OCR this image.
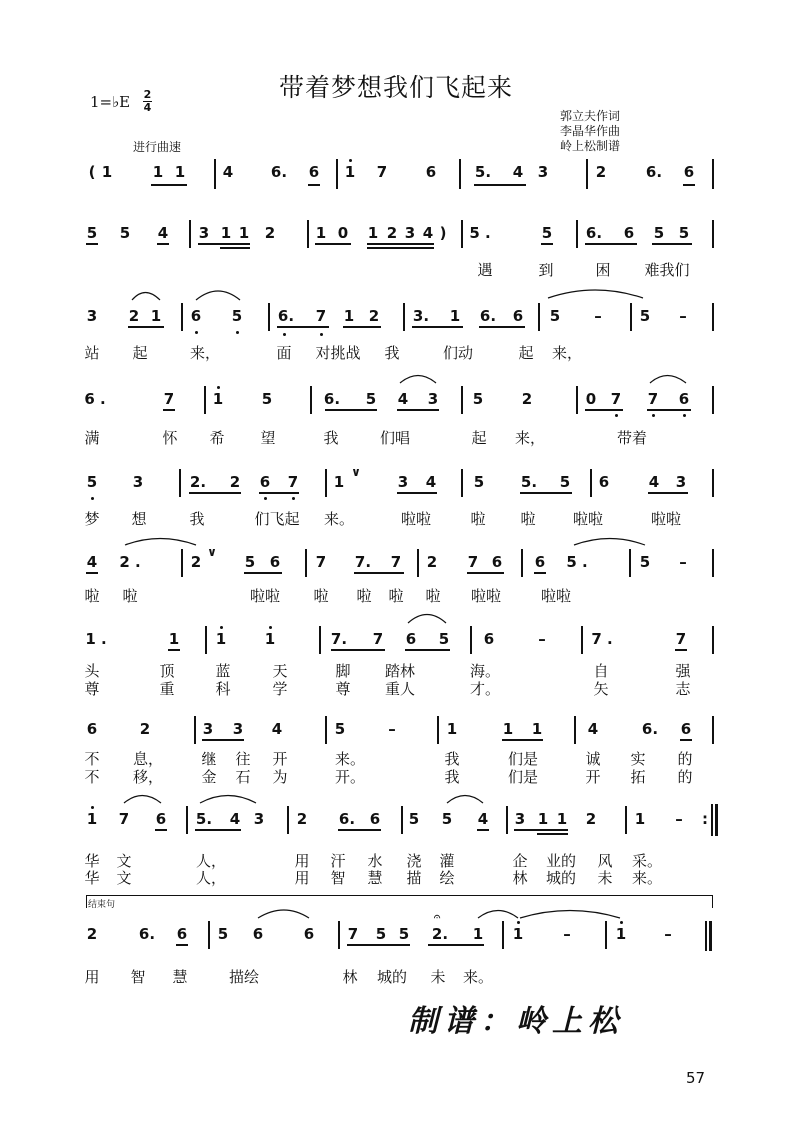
带着梦想我们飞起来
1=♭E 2
4
进行曲速
郭立夫作词
李晶华作曲
岭上松制谱
( 1	1 1	4	6. 6 1 7	6	5. 4 3	2	6. 6
5 5 4 3 1 1 2	1 0 1 2 3 4 ) 5 .	5 6. 6 5 5
遇	到	困 难我们
3 2 1 6 5 6. 7 1 2 3. 1 6. 6 5 –	5 –
站 起	来，	面 对挑战 我	们动	起 来，
6 .	7	1	5	6. 5 4 3 5	2	0 7 7 6
满	怀 希 望	我	们唱	起 来，	带着
5 3	2. 2 6 7 1
∨
3 4	5 5. 5 6	4 3
梦 想	我	们飞起 来。	啦啦	啦 啦 啦啦	啦啦
4 2 .	2
∨
5 6 7 7. 7 2 7 6 6 5 .	5 –
啦 啦	啦啦 啦 啦 啦 啦 啦啦	啦啦
1 .	1 1	1	7. 7 6 5 6	–	7 .	7
头	顶	蓝	天	脚 踏林	海。	自	强
尊	重	科	学	尊 重人	才。	矢	志
6	2	3 3 4	5	–	1	1 1	4	6. 6
不 息，	继 往 开	来。	我	们是	诚 实 的
不 移，	金 石 为	开。	我	们是	开 拓 的
1 7 6 5. 4 3 2 6. 6 5 5 4 3 1 1 2	1 – :
华 文	人，	用 汗 水 浇 灌	企 业的 风 采。
华 文	人，	用 智 慧 描 绘	林 城的 未 来。
结束句
2	6. 6 5 6	6 7 5 5 2.
𝄐
1 1	–	1	–
用 智 慧	描绘	林 城的 未 来。
制谱：岭上松
57
